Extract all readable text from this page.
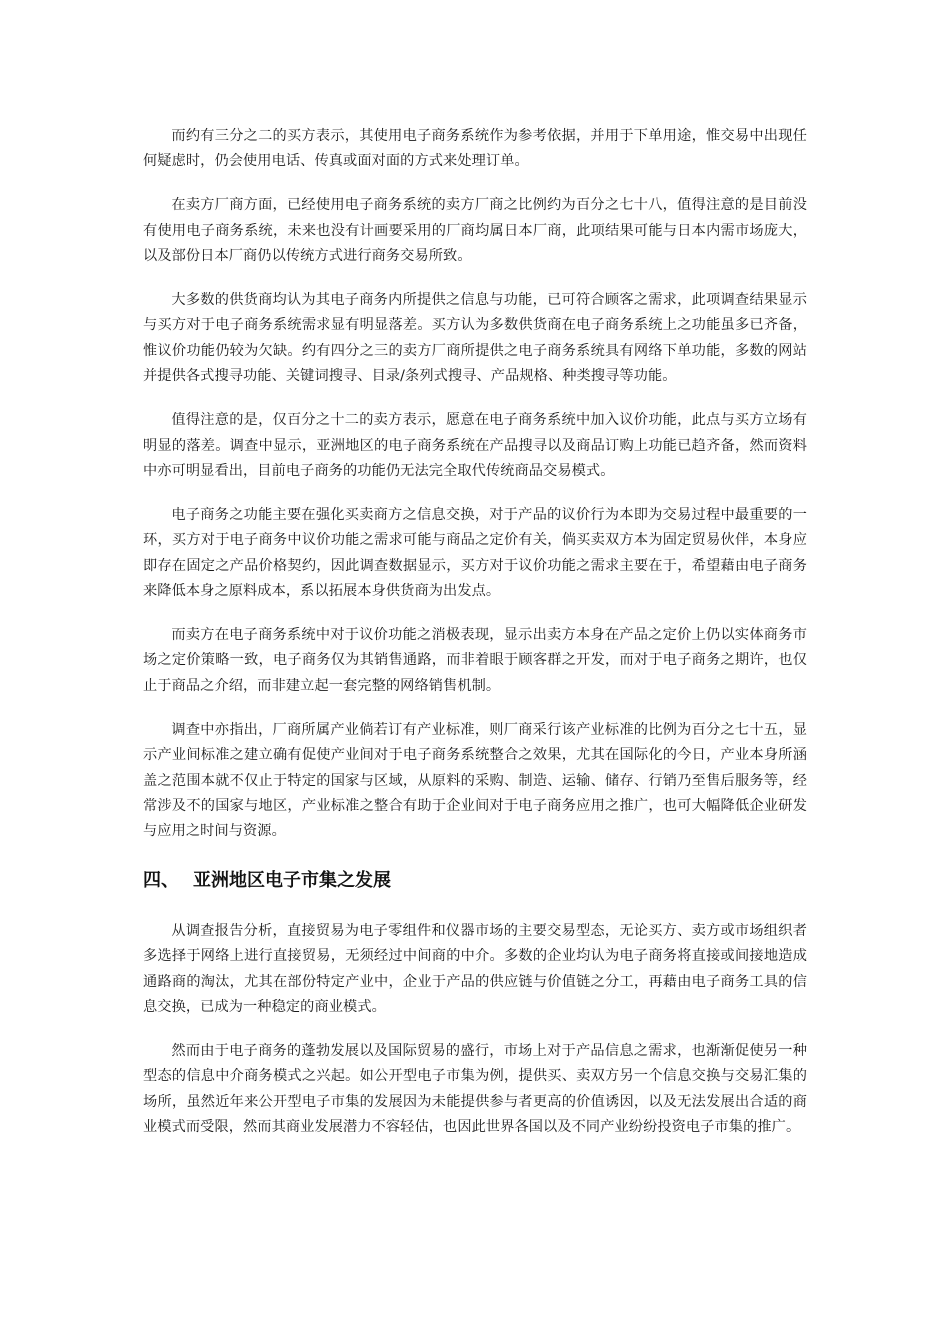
而约有三分之二的买方表示，其使用电子商务系统作为参考依据，并用于下单用途，惟交易中出现任何疑虑时，仍会使用电话、传真或面对面的方式来处理订单。

在卖方厂商方面，已经使用电子商务系统的卖方厂商之比例约为百分之七十八，值得注意的是目前没有使用电子商务系统，未来也没有计画要采用的厂商均属日本厂商，此项结果可能与日本内需市场庞大，以及部份日本厂商仍以传统方式进行商务交易所致。

大多数的供货商均认为其电子商务内所提供之信息与功能，已可符合顾客之需求，此项调查结果显示与买方对于电子商务系统需求显有明显落差。买方认为多数供货商在电子商务系统上之功能虽多已齐备，惟议价功能仍较为欠缺。约有四分之三的卖方厂商所提供之电子商务系统具有网络下单功能，多数的网站并提供各式搜寻功能、关键词搜寻、目录/条列式搜寻、产品规格、种类搜寻等功能。

值得注意的是，仅百分之十二的卖方表示，愿意在电子商务系统中加入议价功能，此点与买方立场有明显的落差。调查中显示，亚洲地区的电子商务系统在产品搜寻以及商品订购上功能已趋齐备，然而资料中亦可明显看出，目前电子商务的功能仍无法完全取代传统商品交易模式。

电子商务之功能主要在强化买卖商方之信息交换，对于产品的议价行为本即为交易过程中最重要的一环，买方对于电子商务中议价功能之需求可能与商品之定价有关，倘买卖双方本为固定贸易伙伴，本身应即存在固定之产品价格契约，因此调查数据显示，买方对于议价功能之需求主要在于，希望藉由电子商务来降低本身之原料成本，系以拓展本身供货商为出发点。

而卖方在电子商务系统中对于议价功能之消极表现，显示出卖方本身在产品之定价上仍以实体商务市场之定价策略一致，电子商务仅为其销售通路，而非着眼于顾客群之开发，而对于电子商务之期许，也仅止于商品之介绍，而非建立起一套完整的网络销售机制。

调查中亦指出，厂商所属产业倘若订有产业标准，则厂商采行该产业标准的比例为百分之七十五，显示产业间标准之建立确有促使产业间对于电子商务系统整合之效果，尤其在国际化的今日，产业本身所涵盖之范围本就不仅止于特定的国家与区域，从原料的采购、制造、运输、储存、行销乃至售后服务等，经常涉及不的国家与地区，产业标准之整合有助于企业间对于电子商务应用之推广，也可大幅降低企业研发与应用之时间与资源。

四、 亚洲地区电子市集之发展

从调查报告分析，直接贸易为电子零组件和仪器市场的主要交易型态，无论买方、卖方或市场组织者多选择于网络上进行直接贸易，无须经过中间商的中介。多数的企业均认为电子商务将直接或间接地造成通路商的淘汰，尤其在部份特定产业中，企业于产品的供应链与价值链之分工，再藉由电子商务工具的信息交换，已成为一种稳定的商业模式。

然而由于电子商务的蓬勃发展以及国际贸易的盛行，市场上对于产品信息之需求，也渐渐促使另一种型态的信息中介商务模式之兴起。如公开型电子市集为例，提供买、卖双方另一个信息交换与交易汇集的场所，虽然近年来公开型电子市集的发展因为未能提供参与者更高的价值诱因，以及无法发展出合适的商业模式而受限，然而其商业发展潜力不容轻估，也因此世界各国以及不同产业纷纷投资电子市集的推广。
